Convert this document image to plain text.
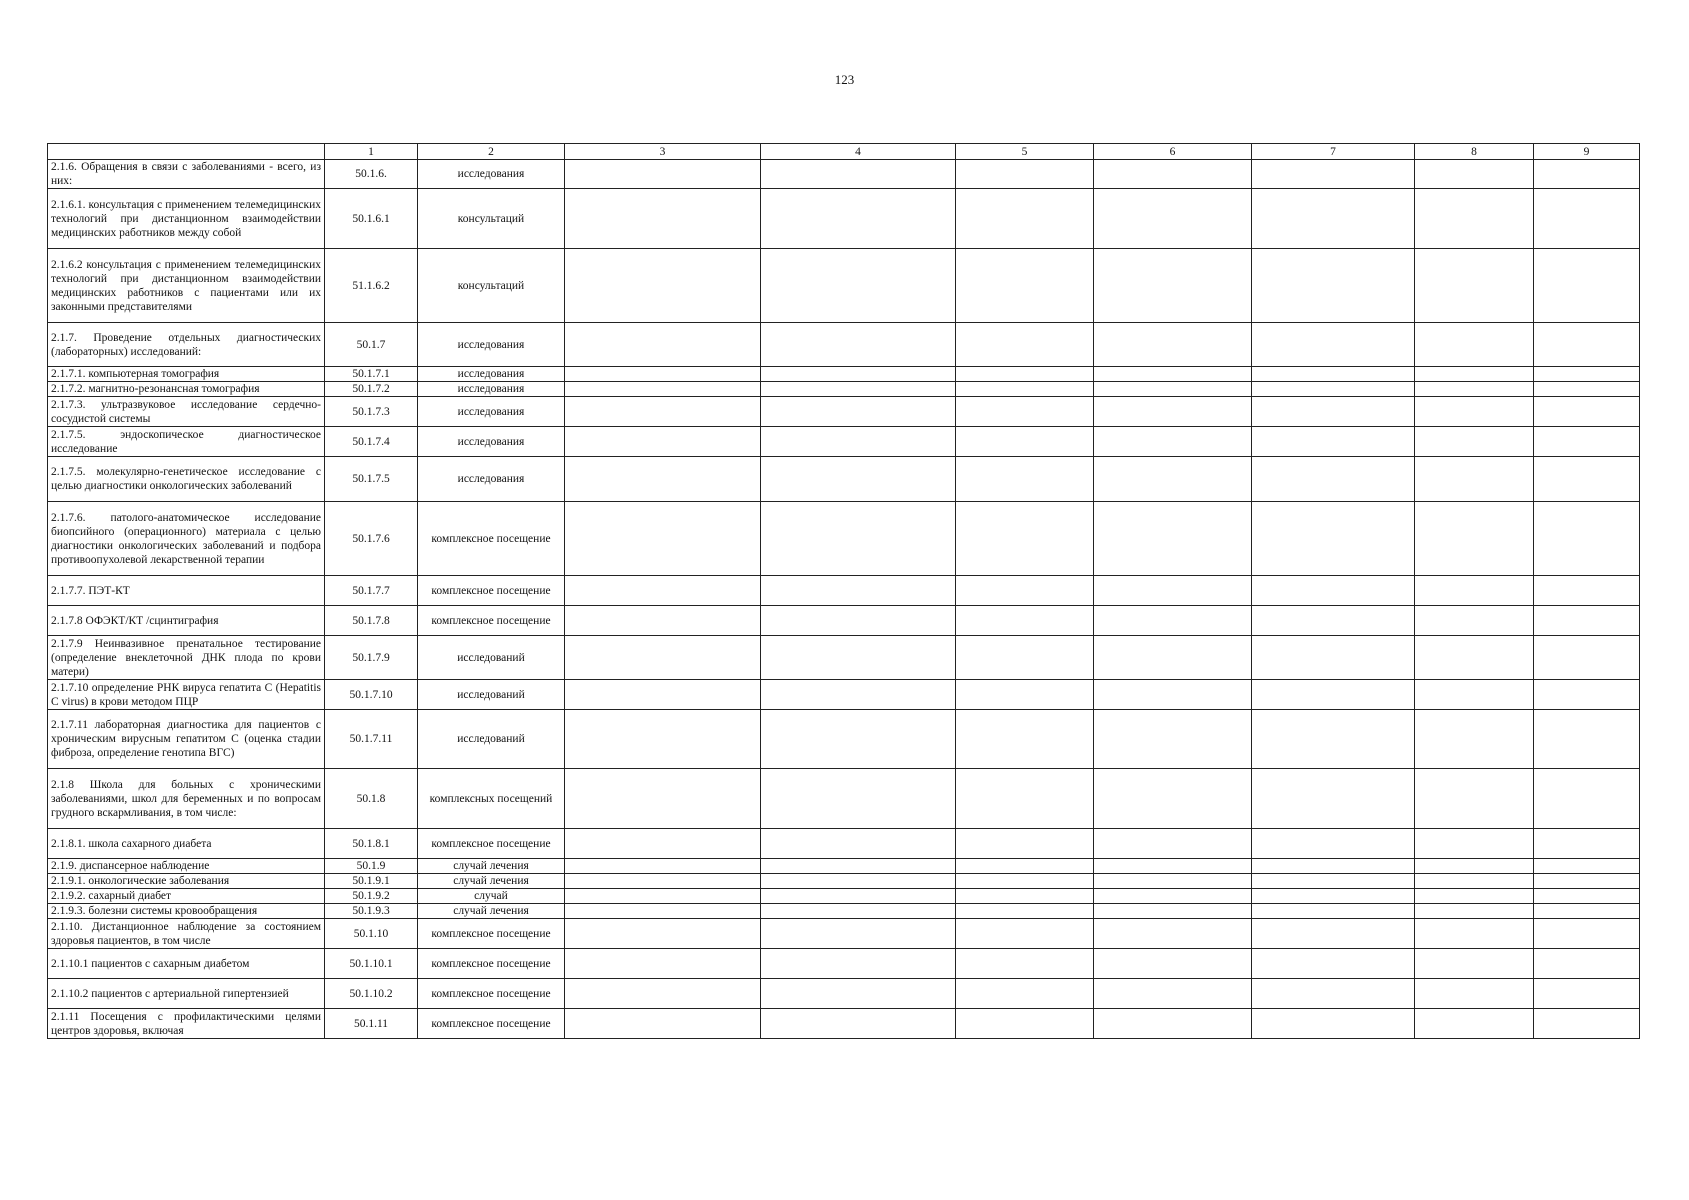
123
	1	2	3	4	5	6	7	8	9
2.1.6. Обращения в связи с заболеваниями - всего, из них:	50.1.6.	исследования							
2.1.6.1. консультация с применением телемедицинских технологий при дистанционном взаимодействии медицинских работников между собой	50.1.6.1	консультаций							
2.1.6.2 консультация с применением телемедицинских технологий при дистанционном взаимодействии медицинских работников с пациентами или их законными представителями	51.1.6.2	консультаций							
2.1.7. Проведение отдельных диагностических (лабораторных) исследований:	50.1.7	исследования							
2.1.7.1. компьютерная томография	50.1.7.1	исследования							
2.1.7.2. магнитно-резонансная томография	50.1.7.2	исследования							
2.1.7.3. ультразвуковое исследование сердечно-сосудистой системы	50.1.7.3	исследования							
2.1.7.5. эндоскопическое диагностическое исследование	50.1.7.4	исследования							
2.1.7.5. молекулярно-генетическое исследование с целью диагностики онкологических заболеваний	50.1.7.5	исследования							
2.1.7.6. патолого-анатомическое исследование биопсийного (операционного) материала с целью диагностики онкологических заболеваний и подбора противоопухолевой лекарственной терапии	50.1.7.6	комплексное посещение							
2.1.7.7. ПЭТ-КТ	50.1.7.7	комплексное посещение							
2.1.7.8 ОФЭКТ/КТ /сцинтиграфия	50.1.7.8	комплексное посещение							
2.1.7.9 Неинвазивное пренатальное тестирование (определение внеклеточной ДНК плода по крови матери)	50.1.7.9	исследований							
2.1.7.10 определение РНК вируса гепатита С (Hepatitis C virus) в крови методом ПЦР	50.1.7.10	исследований							
2.1.7.11 лабораторная диагностика для пациентов с хроническим вирусным гепатитом С (оценка стадии фиброза, определение генотипа ВГС)	50.1.7.11	исследований							
2.1.8 Школа для больных с хроническими заболеваниями, школ для беременных и по вопросам грудного вскармливания, в том числе:	50.1.8	комплексных посещений							
2.1.8.1. школа сахарного диабета	50.1.8.1	комплексное посещение							
2.1.9. диспансерное наблюдение	50.1.9	случай лечения							
2.1.9.1. онкологические заболевания	50.1.9.1	случай лечения							
2.1.9.2. сахарный диабет	50.1.9.2	случай							
2.1.9.3. болезни системы кровообращения	50.1.9.3	случай лечения							
2.1.10. Дистанционное наблюдение за состоянием здоровья пациентов, в том числе	50.1.10	комплексное посещение							
2.1.10.1 пациентов с сахарным диабетом	50.1.10.1	комплексное посещение							
2.1.10.2 пациентов с артериальной гипертензией	50.1.10.2	комплексное посещение							
2.1.11 Посещения с профилактическими целями центров здоровья, включая	50.1.11	комплексное посещение							
